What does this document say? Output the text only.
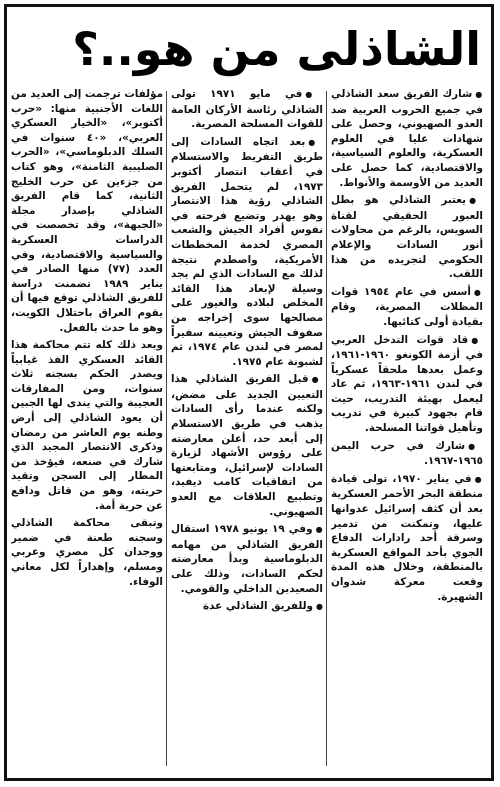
الشاذلى من هو..؟

● شارك الفريق سعد الشاذلي في جميع الحروب العربية ضد العدو الصهيوني، وحصل على شهادات عليا في العلوم العسكرية، والعلوم السياسية، والاقتصادية، كما حصل على العديد من الأوسمة والأنواط.

● يعتبر الشاذلي هو بطل العبور الحقيقي لقناة السويس، بالرغم من محاولات أنور السادات والإعلام الحكومي لتجريده من هذا اللقب.

● أسس في عام ١٩٥٤ قوات المظلات المصرية، وقام بقيادة أولى كتائبها.

● قاد قوات التدخل العربي في أزمة الكونغو ١٩٦٠-١٩٦١، وعمل بعدها ملحقاً عسكرياً في لندن ١٩٦١-١٩٦٣، ثم عاد ليعمل بهيئة التدريب، حيث قام بجهود كبيرة في تدريب وتأهيل قواتنا المسلحة.

● شارك في حرب اليمن ١٩٦٥-١٩٦٧.

● في يناير ١٩٧٠، تولى قيادة منطقة البحر الأحمر العسكرية بعد أن كثف إسرائيل عدوانها عليها، وتمكنت من تدمير وسرقة أحد رادارات الدفاع الجوي بأحد المواقع العسكرية بالمنطقة، وخلال هذه المدة وقعت معركة شدوان الشهيرة.

● في مايو ١٩٧١ تولى الشاذلي رئاسة الأركان العامة للقوات المسلحة المصرية.

● بعد اتجاه السادات إلى طريق التفريط والاستسلام في أعقاب انتصار أكتوبر ١٩٧٣، لم يتحمل الفريق الشاذلي رؤية هذا الانتصار وهو يهدر وتضيع فرحته في نفوس أفراد الجيش والشعب المصري لخدمة المخططات الأمريكية، واصطدم نتيجة لذلك مع السادات الذي لم يجد وسيلة لإبعاد هذا القائد المخلص لبلاده والغيور على مصالحها سوى إخراجه من صفوف الجيش وتعيينه سفيراً لمصر في لندن عام ١٩٧٤، ثم لشبونة عام ١٩٧٥.

● قبل الفريق الشاذلي هذا التعيين الجديد على مضض، ولكنه عندما رأى السادات يذهب في طريق الاستسلام إلى أبعد حد، أعلن معارضته على رؤوس الأشهاد لزيارة السادات لإسرائيل، ومتابعتها من اتفاقيات كامب ديفيد، وتطبيع العلاقات مع العدو الصهيوني.

● وفي ١٩ يونيو ١٩٧٨ استقال الفريق الشاذلي من مهامه الدبلوماسية وبدأ معارضته لحكم السادات، وذلك على الصعيدين الداخلي والقومي.

● وللفريق الشاذلي عدة

مؤلفات ترجمت إلى العديد من اللغات الأجنبية منها: «حرب أكتوبر»، «الخيار العسكري العربي»، «٤٠ سنوات في السلك الدبلوماسي»، «الحرب الصليبية الثامنة»، وهو كتاب من جزءين عن حرب الخليج الثانية، كما قام الفريق الشاذلي بإصدار مجلة «الجبهة»، وقد تخصصت في الدراسات العسكرية والسياسية والاقتصادية، وفي العدد (٧٧) منها الصادر في يناير ١٩٨٩ تضمنت دراسة للفريق الشاذلي توقع فيها أن يقوم العراق باحتلال الكويت، وهو ما حدث بالفعل.

وبعد ذلك كله تتم محاكمة هذا القائد العسكري الفذ غيابياً ويصدر الحكم بسجنه ثلاث سنوات، ومن المفارقات العجيبة والتي يندى لها الجبين أن يعود الشاذلي إلى أرض وطنه يوم العاشر من رمضان وذكرى الانتصار المجيد الذي شارك في صنعه، فيؤخذ من المطار إلى السجن وتقيد حريته، وهو من قاتل ودافع عن حرية أمة.

وتبقى محاكمة الشاذلي وسجنه طعنة في ضمير ووجدان كل مصري وعربي ومسلم، وإهداراً لكل معاني الوفاء.
